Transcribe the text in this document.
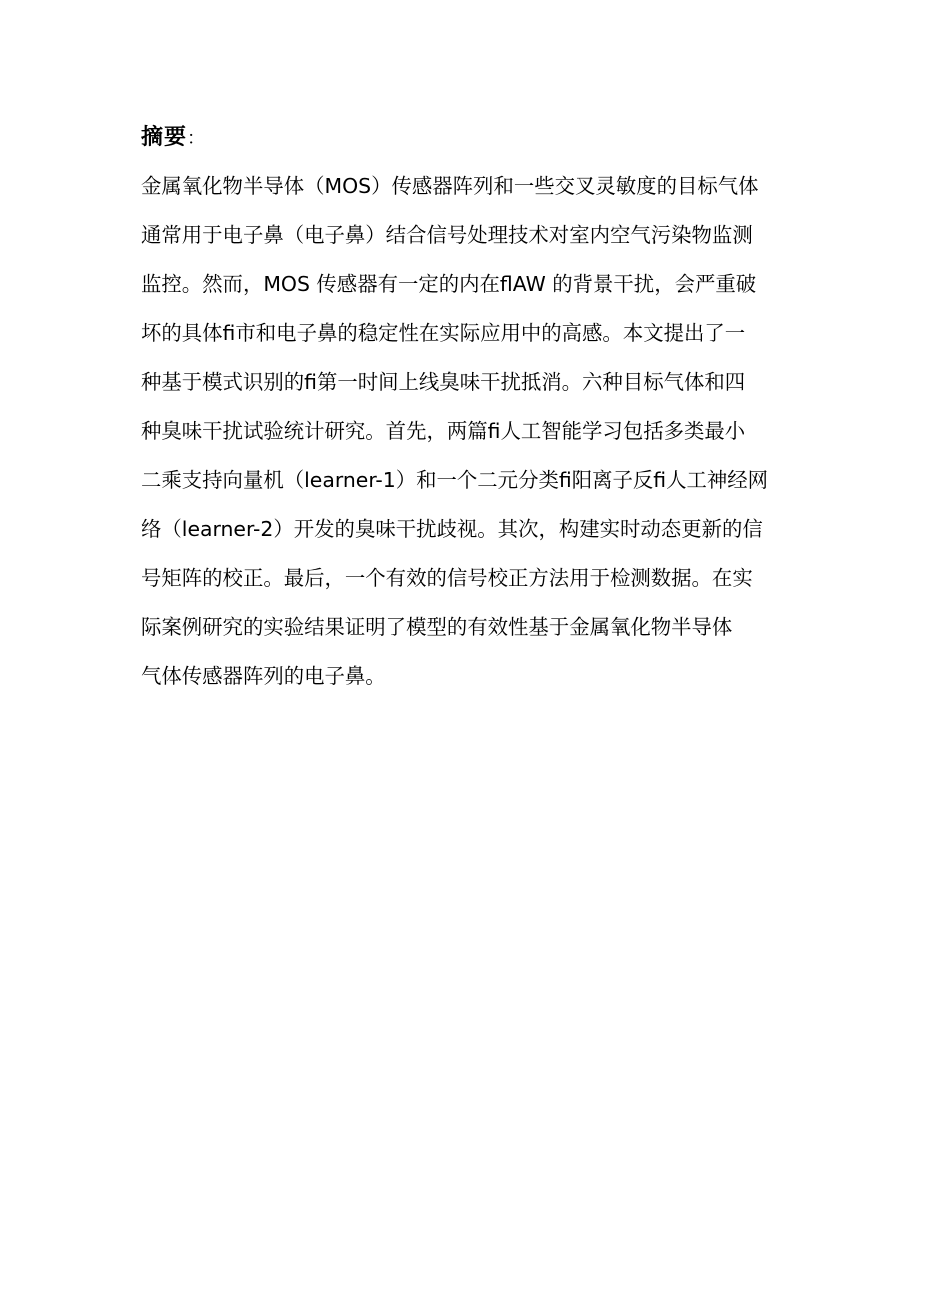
摘要：
金属氧化物半导体（MOS）传感器阵列和一些交叉灵敏度的目标气体
通常用于电子鼻（电子鼻）结合信号处理技术对室内空气污染物监测
监控。然而，MOS 传感器有一定的内在flAW 的背景干扰，会严重破
坏的具体fi市和电子鼻的稳定性在实际应用中的高感。本文提出了一
种基于模式识别的fi第一时间上线臭味干扰抵消。六种目标气体和四
种臭味干扰试验统计研究。首先，两篇fi人工智能学习包括多类最小
二乘支持向量机（learner-1）和一个二元分类fi阳离子反fi人工神经网
络（learner-2）开发的臭味干扰歧视。其次，构建实时动态更新的信
号矩阵的校正。最后，一个有效的信号校正方法用于检测数据。在实
际案例研究的实验结果证明了模型的有效性基于金属氧化物半导体
气体传感器阵列的电子鼻。
